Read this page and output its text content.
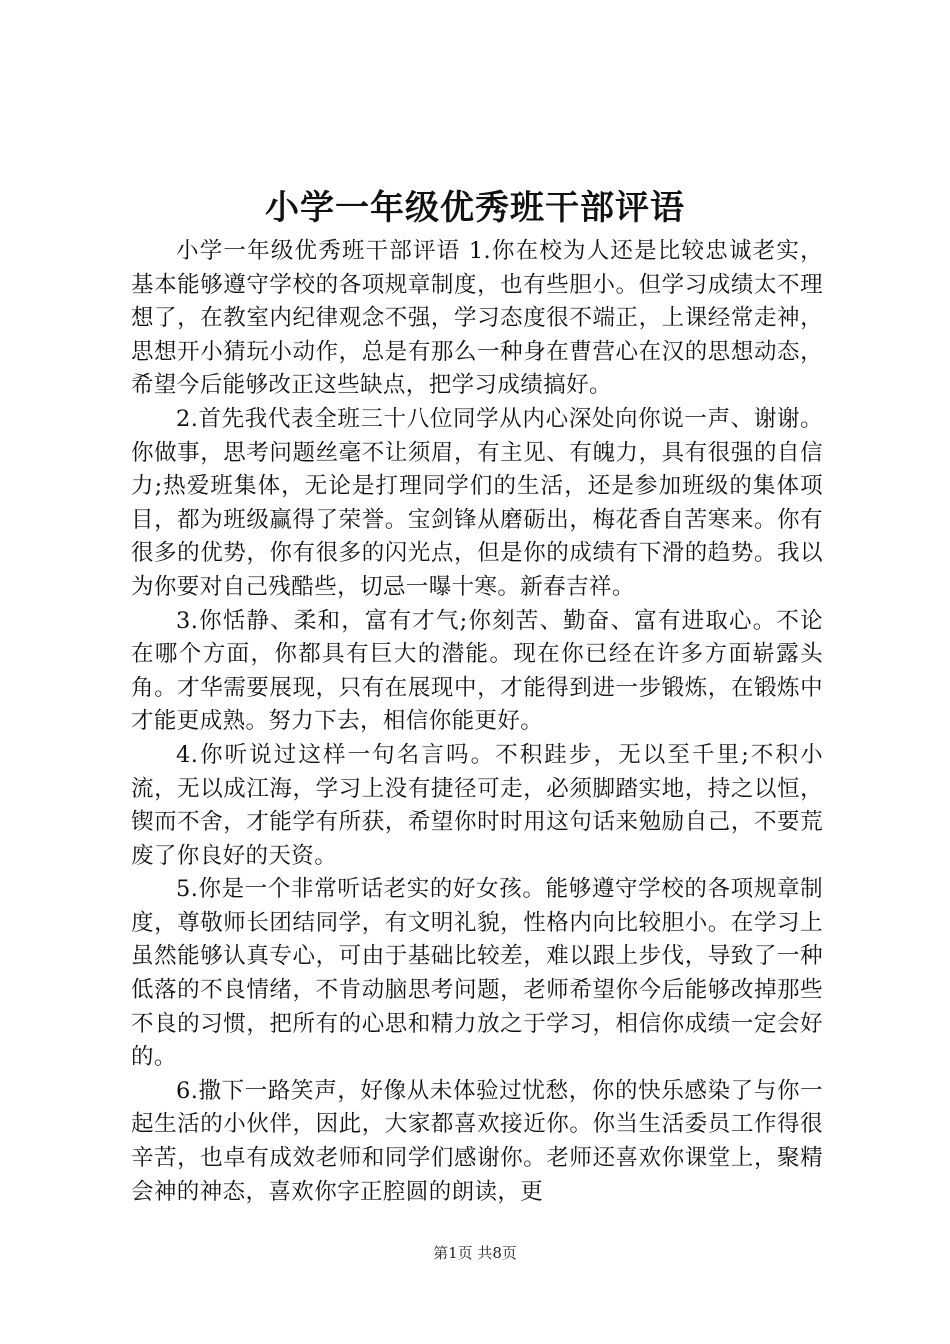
小学一年级优秀班干部评语

小学一年级优秀班干部评语 1.你在校为人还是比较忠诚老实，基本能够遵守学校的各项规章制度，也有些胆小。但学习成绩太不理想了，在教室内纪律观念不强，学习态度很不端正，上课经常走神，思想开小猜玩小动作，总是有那么一种身在曹营心在汉的思想动态，希望今后能够改正这些缺点，把学习成绩搞好。

2.首先我代表全班三十八位同学从内心深处向你说一声、谢谢。你做事，思考问题丝毫不让须眉，有主见、有魄力，具有很强的自信力;热爱班集体，无论是打理同学们的生活，还是参加班级的集体项目，都为班级赢得了荣誉。宝剑锋从磨砺出，梅花香自苦寒来。你有很多的优势，你有很多的闪光点，但是你的成绩有下滑的趋势。我以为你要对自己残酷些，切忌一曝十寒。新春吉祥。

3.你恬静、柔和，富有才气;你刻苦、勤奋、富有进取心。不论在哪个方面，你都具有巨大的潜能。现在你已经在许多方面崭露头角。才华需要展现，只有在展现中，才能得到进一步锻炼，在锻炼中才能更成熟。努力下去，相信你能更好。

4.你听说过这样一句名言吗。不积跬步，无以至千里;不积小流，无以成江海，学习上没有捷径可走，必须脚踏实地，持之以恒，锲而不舍，才能学有所获，希望你时时用这句话来勉励自己，不要荒废了你良好的天资。

5.你是一个非常听话老实的好女孩。能够遵守学校的各项规章制度，尊敬师长团结同学，有文明礼貌，性格内向比较胆小。在学习上虽然能够认真专心，可由于基础比较差，难以跟上步伐，导致了一种低落的不良情绪，不肯动脑思考问题，老师希望你今后能够改掉那些不良的习惯，把所有的心思和精力放之于学习，相信你成绩一定会好的。

6.撒下一路笑声，好像从未体验过忧愁，你的快乐感染了与你一起生活的小伙伴，因此，大家都喜欢接近你。你当生活委员工作得很辛苦，也卓有成效老师和同学们感谢你。老师还喜欢你课堂上，聚精会神的神态，喜欢你字正腔圆的朗读，更

第1页 共8页
